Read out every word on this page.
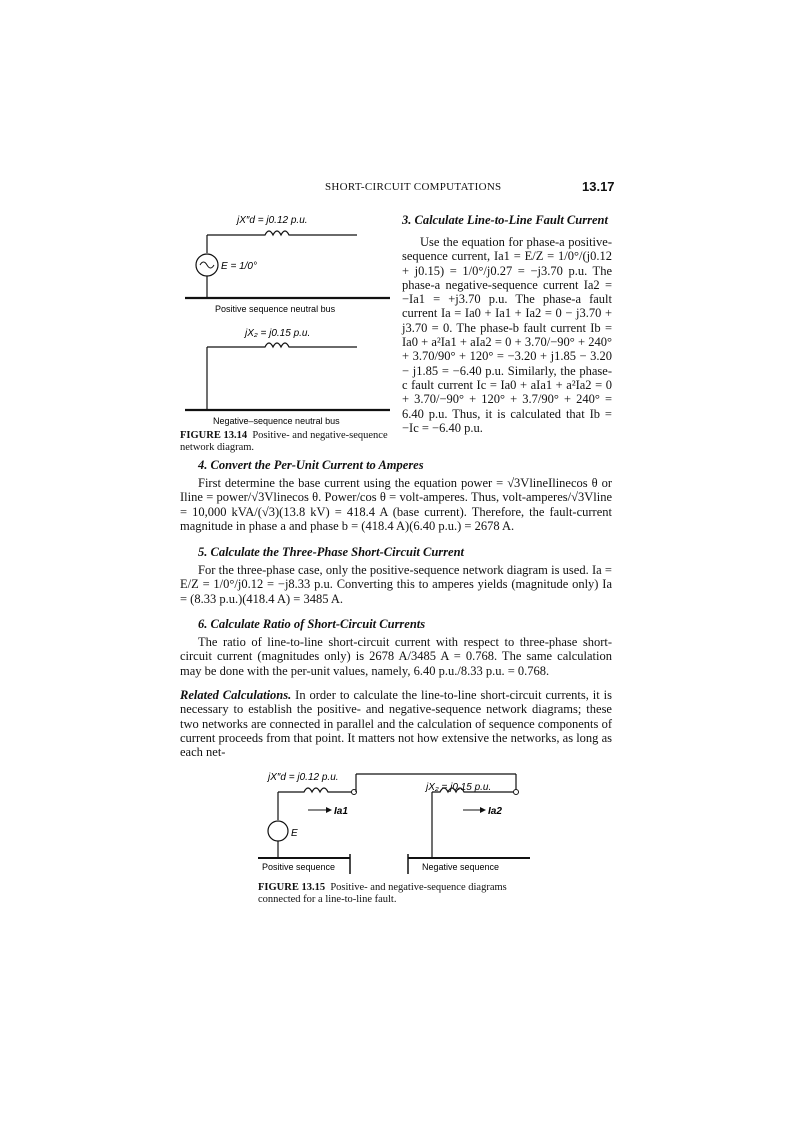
SHORT-CIRCUIT COMPUTATIONS	13.17
jX″d = j0.12 p.u.
E = 1/0°
Positive sequence neutral bus
jX₂ = j0.15 p.u.
Negative–sequence neutral bus
FIGURE 13.14 Positive- and negative-sequence network diagram.
3. Calculate Line-to-Line Fault Current

Use the equation for phase-a positive-sequence current, Ia1 = E/Z = 1/0°/(j0.12 + j0.15) = 1/0°/j0.27 = −j3.70 p.u. The phase-a negative-sequence current Ia2 = −Ia1 = +j3.70 p.u. The phase-a fault current Ia = Ia0 + Ia1 + Ia2 = 0 − j3.70 + j3.70 = 0. The phase-b fault current Ib = Ia0 + a²Ia1 + aIa2 = 0 + 3.70/−90° + 240° + 3.70/90° + 120° = −3.20 + j1.85 − 3.20 − j1.85 = −6.40 p.u. Similarly, the phase-c fault current Ic = Ia0 + aIa1 + a²Ia2 = 0 + 3.70/−90° + 120° + 3.7/90° + 240° = 6.40 p.u. Thus, it is calculated that Ib = −Ic = −6.40 p.u.

4. Convert the Per-Unit Current to Amperes

First determine the base current using the equation power = √3VlineIlinecos θ or Iline = power/√3Vlinecos θ. Power/cos θ = volt-amperes. Thus, volt-amperes/√3Vline = 10,000 kVA/(√3)(13.8 kV) = 418.4 A (base current). Therefore, the fault-current magnitude in phase a and phase b = (418.4 A)(6.40 p.u.) = 2678 A.

5. Calculate the Three-Phase Short-Circuit Current

For the three-phase case, only the positive-sequence network diagram is used. Ia = E/Z = 1/0°/j0.12 = −j8.33 p.u. Converting this to amperes yields (magnitude only) Ia = (8.33 p.u.)(418.4 A) = 3485 A.

6. Calculate Ratio of Short-Circuit Currents

The ratio of line-to-line short-circuit current with respect to three-phase short-circuit current (magnitudes only) is 2678 A/3485 A = 0.768. The same calculation may be done with the per-unit values, namely, 6.40 p.u./8.33 p.u. = 0.768.

Related Calculations. In order to calculate the line-to-line short-circuit currents, it is necessary to establish the positive- and negative-sequence network diagrams; these two networks are connected in parallel and the calculation of sequence components of current proceeds from that point. It matters not how extensive the networks, as long as each net-

jX″d = j0.12 p.u.
jX₂ = j0.15 p.u.
E
Ia1	Ia2
Positive sequence	Negative sequence
FIGURE 13.15 Positive- and negative-sequence diagrams connected for a line-to-line fault.
